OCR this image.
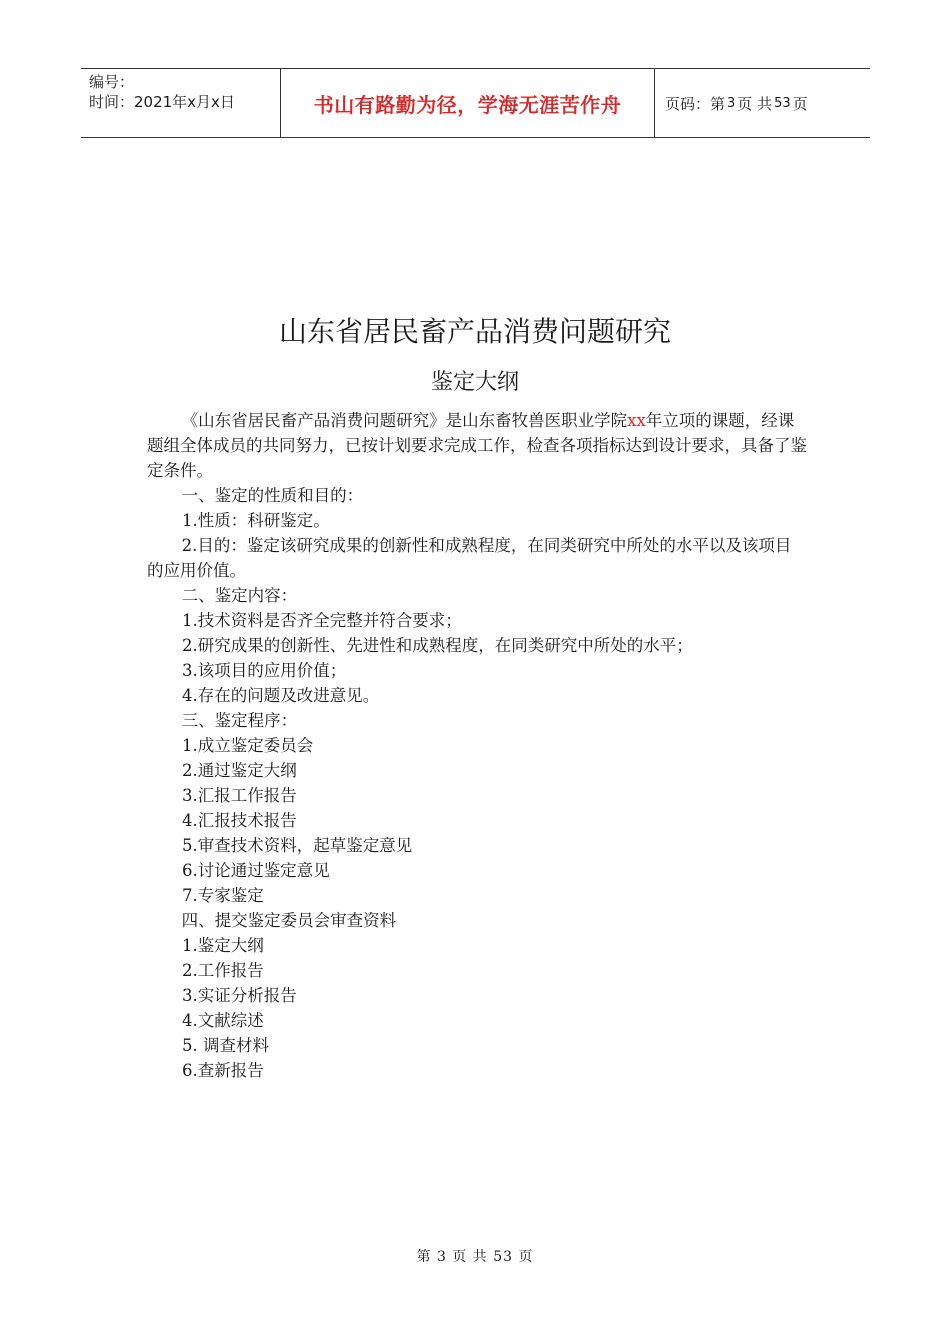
编号：
时间：2021年x月x日	书山有路勤为径，学海无涯苦作舟	页码：第 3 页 共 53 页
山东省居民畜产品消费问题研究
鉴定大纲

《山东省居民畜产品消费问题研究》是山东畜牧兽医职业学院xx年立项的课题，经课题组全体成员的共同努力，已按计划要求完成工作，检查各项指标达到设计要求，具备了鉴定条件。

一、鉴定的性质和目的：

1.性质：科研鉴定。

2.目的：鉴定该研究成果的创新性和成熟程度，在同类研究中所处的水平以及该项目的应用价值。

二、鉴定内容：

1.技术资料是否齐全完整并符合要求；

2.研究成果的创新性、先进性和成熟程度，在同类研究中所处的水平；

3.该项目的应用价值；

4.存在的问题及改进意见。

三、鉴定程序：

1.成立鉴定委员会

2.通过鉴定大纲

3.汇报工作报告

4.汇报技术报告

5.审查技术资料，起草鉴定意见

6.讨论通过鉴定意见

7.专家鉴定

四、提交鉴定委员会审查资料

1.鉴定大纲

2.工作报告

3.实证分析报告

4.文献综述

5. 调查材料

6.查新报告

第 3 页 共 53 页
